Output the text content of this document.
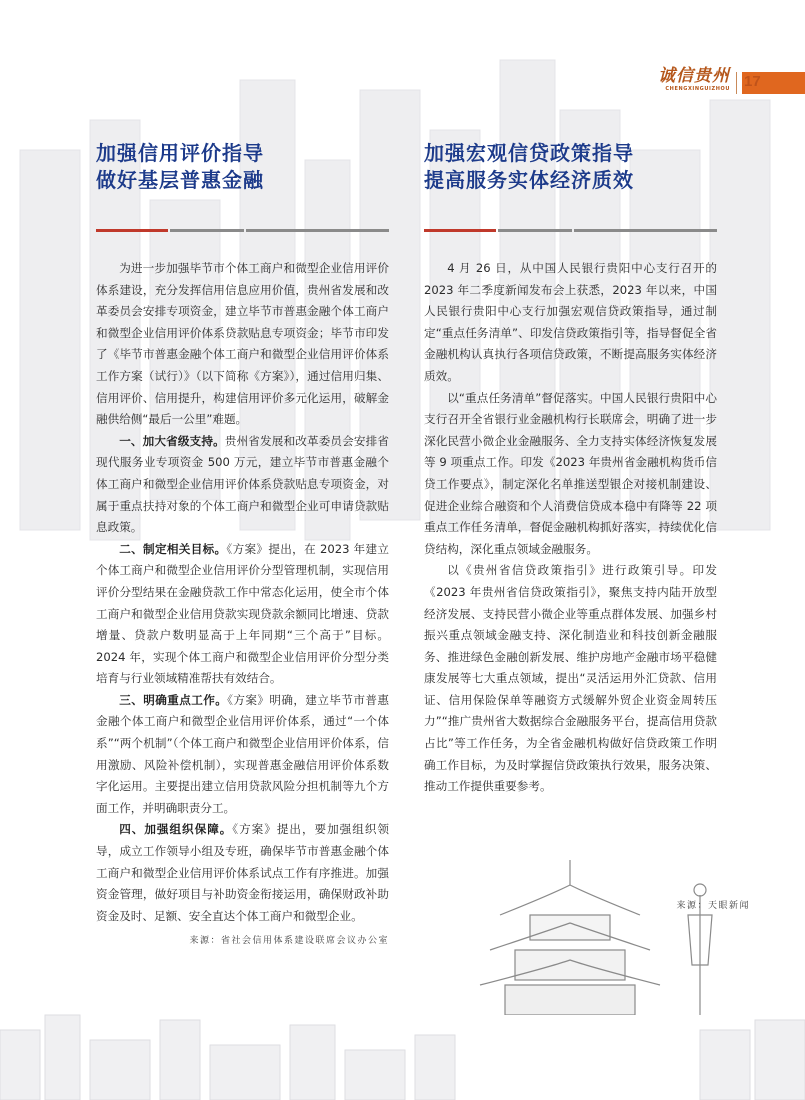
诚信贵州
CHENGXINGUIZHOU 17
加强信用评价指导
做好基层普惠金融

为进一步加强毕节市个体工商户和微型企业信用评价体系建设，充分发挥信用信息应用价值，贵州省发展和改革委员会安排专项资金，建立毕节市普惠金融个体工商户和微型企业信用评价体系贷款贴息专项资金；毕节市印发了《毕节市普惠金融个体工商户和微型企业信用评价体系工作方案（试行）》（以下简称《方案》），通过信用归集、信用评价、信用提升，构建信用评价多元化运用，破解金融供给侧“最后一公里”难题。

一、加大省级支持。贵州省发展和改革委员会安排省现代服务业专项资金 500 万元，建立毕节市普惠金融个体工商户和微型企业信用评价体系贷款贴息专项资金，对属于重点扶持对象的个体工商户和微型企业可申请贷款贴息政策。

二、制定相关目标。《方案》提出，在 2023 年建立个体工商户和微型企业信用评价分型管理机制，实现信用评价分型结果在金融贷款工作中常态化运用，使全市个体工商户和微型企业信用贷款实现贷款余额同比增速、贷款增量、贷款户数明显高于上年同期“三个高于”目标。2024 年，实现个体工商户和微型企业信用评价分型分类培育与行业领域精准帮扶有效结合。

三、明确重点工作。《方案》明确，建立毕节市普惠金融个体工商户和微型企业信用评价体系，通过“一个体系”“两个机制”（个体工商户和微型企业信用评价体系，信用激励、风险补偿机制），实现普惠金融信用评价体系数字化运用。主要提出建立信用贷款风险分担机制等九个方面工作，并明确职责分工。

四、加强组织保障。《方案》提出，要加强组织领导，成立工作领导小组及专班，确保毕节市普惠金融个体工商户和微型企业信用评价体系试点工作有序推进。加强资金管理，做好项目与补助资金衔接运用，确保财政补助资金及时、足额、安全直达个体工商户和微型企业。

来源：省社会信用体系建设联席会议办公室
加强宏观信贷政策指导
提高服务实体经济质效

4 月 26 日，从中国人民银行贵阳中心支行召开的 2023 年二季度新闻发布会上获悉，2023 年以来，中国人民银行贵阳中心支行加强宏观信贷政策指导，通过制定“重点任务清单”、印发信贷政策指引等，指导督促全省金融机构认真执行各项信贷政策，不断提高服务实体经济质效。

以“重点任务清单”督促落实。中国人民银行贵阳中心支行召开全省银行业金融机构行长联席会，明确了进一步深化民营小微企业金融服务、全力支持实体经济恢复发展等 9 项重点工作。印发《2023 年贵州省金融机构货币信贷工作要点》，制定深化名单推送型银企对接机制建设、促进企业综合融资和个人消费信贷成本稳中有降等 22 项重点工作任务清单，督促金融机构抓好落实，持续优化信贷结构，深化重点领域金融服务。

以《贵州省信贷政策指引》进行政策引导。印发《2023 年贵州省信贷政策指引》，聚焦支持内陆开放型经济发展、支持民营小微企业等重点群体发展、加强乡村振兴重点领域金融支持、深化制造业和科技创新金融服务、推进绿色金融创新发展、维护房地产金融市场平稳健康发展等七大重点领域，提出“灵活运用外汇贷款、信用证、信用保险保单等融资方式缓解外贸企业资金周转压力”“推广贵州省大数据综合金融服务平台，提高信用贷款占比”等工作任务，为全省金融机构做好信贷政策工作明确工作目标，为及时掌握信贷政策执行效果，服务决策、推动工作提供重要参考。

来源：天眼新闻
